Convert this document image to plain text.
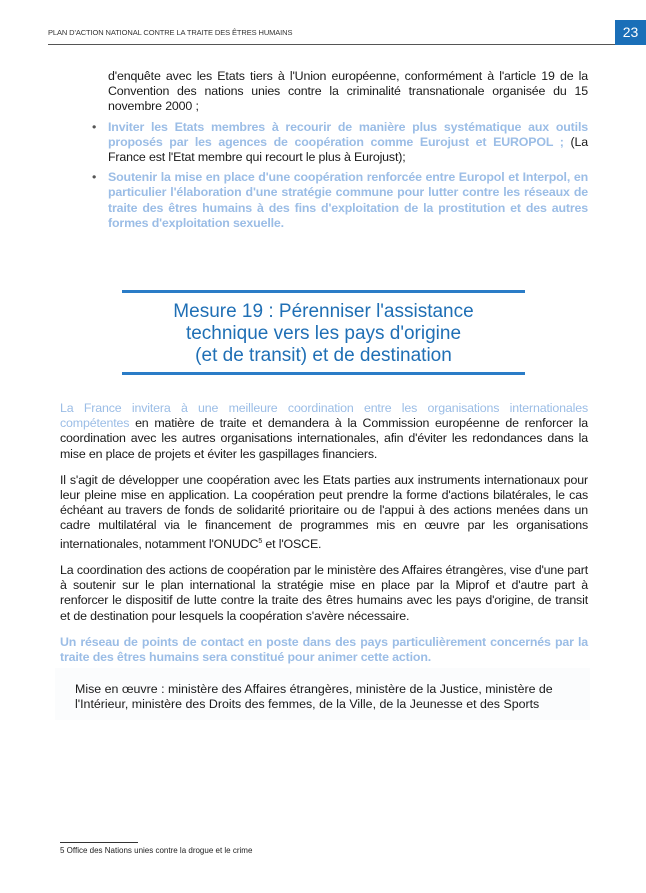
PLAN D'ACTION NATIONAL CONTRE LA TRAITE DES ÊTRES HUMAINS	23

d'enquête avec les Etats tiers à l'Union européenne, conformément à l'article 19 de la Convention des nations unies contre la criminalité transnationale organisée du 15 novembre 2000 ;

• Inviter les Etats membres à recourir de manière plus systématique aux outils proposés par les agences de coopération comme Eurojust et EUROPOL ; (La France est l'Etat membre qui recourt le plus à Eurojust);
• Soutenir la mise en place d'une coopération renforcée entre Europol et Interpol, en particulier l'élaboration d'une stratégie commune pour lutter contre les réseaux de traite des êtres humains à des fins d'exploitation de la prostitution et des autres formes d'exploitation sexuelle.
Mesure 19 : Pérenniser l'assistance
technique vers les pays d'origine
(et de transit) et de destination

La France invitera à une meilleure coordination entre les organisations internationales compétentes en matière de traite et demandera à la Commission européenne de renforcer la coordination avec les autres organisations internationales, afin d'éviter les redondances dans la mise en place de projets et éviter les gaspillages financiers.

Il s'agit de développer une coopération avec les Etats parties aux instruments internationaux pour leur pleine mise en application. La coopération peut prendre la forme d'actions bilatérales, le cas échéant au travers de fonds de solidarité prioritaire ou de l'appui à des actions menées dans un cadre multilatéral via le financement de programmes mis en œuvre par les organisations internationales, notamment l'ONUDC$^5$ et l'OSCE.

La coordination des actions de coopération par le ministère des Affaires étrangères, vise d'une part à soutenir sur le plan international la stratégie mise en place par la Miprof et d'autre part à renforcer le dispositif de lutte contre la traite des êtres humains avec les pays d'origine, de transit et de destination pour lesquels la coopération s'avère nécessaire.

Un réseau de points de contact en poste dans des pays particulièrement concernés par la traite des êtres humains sera constitué pour animer cette action.

Mise en œuvre : ministère des Affaires étrangères, ministère de la Justice, ministère de l'Intérieur, ministère des Droits des femmes, de la Ville, de la Jeunesse et des Sports

5 Office des Nations unies contre la drogue et le crime
